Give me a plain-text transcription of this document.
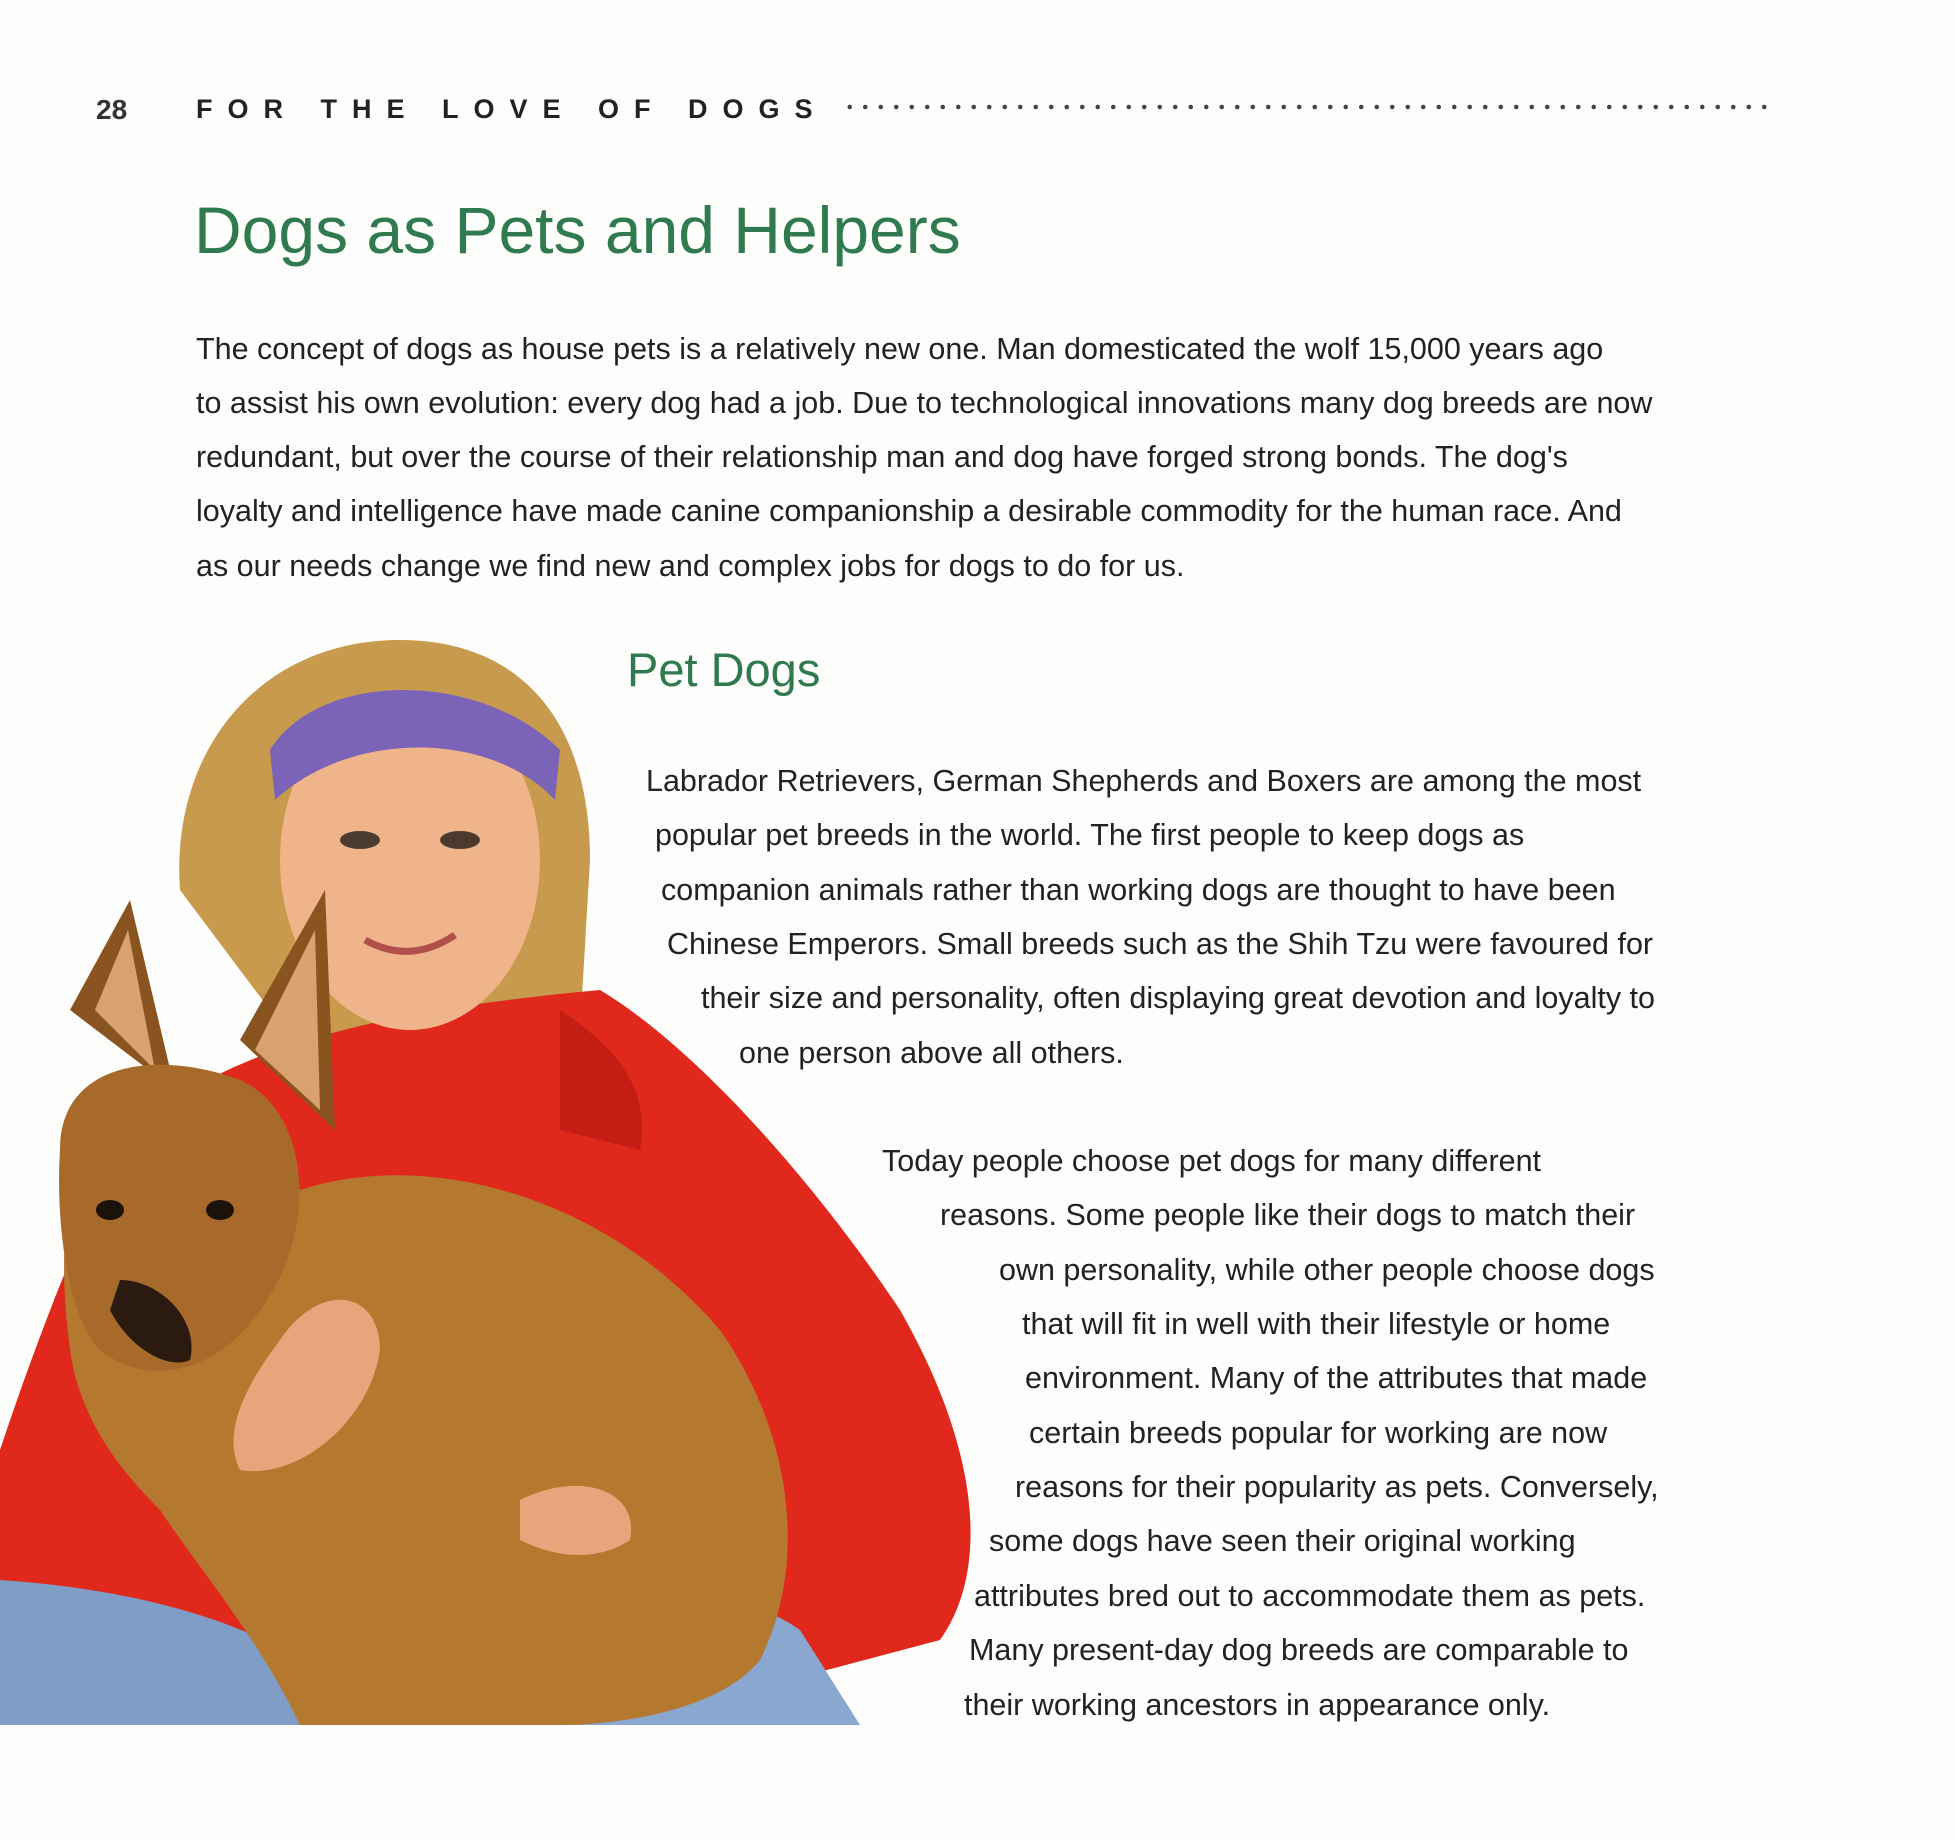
28	FOR THE LOVE OF DOGS
Dogs as Pets and Helpers
The concept of dogs as house pets is a relatively new one. Man domesticated the wolf 15,000 years ago
to assist his own evolution: every dog had a job. Due to technological innovations many dog breeds are now
redundant, but over the course of their relationship man and dog have forged strong bonds. The dog's
loyalty and intelligence have made canine companionship a desirable commodity for the human race. And
as our needs change we find new and complex jobs for dogs to do for us.
Pet Dogs
Labrador Retrievers, German Shepherds and Boxers are among the most
popular pet breeds in the world. The first people to keep dogs as
companion animals rather than working dogs are thought to have been
Chinese Emperors. Small breeds such as the Shih Tzu were favoured for
their size and personality, often displaying great devotion and loyalty to
one person above all others.
Today people choose pet dogs for many different
reasons. Some people like their dogs to match their
own personality, while other people choose dogs
that will fit in well with their lifestyle or home
environment. Many of the attributes that made
certain breeds popular for working are now
reasons for their popularity as pets. Conversely,
some dogs have seen their original working
attributes bred out to accommodate them as pets.
Many present-day dog breeds are comparable to
their working ancestors in appearance only.
